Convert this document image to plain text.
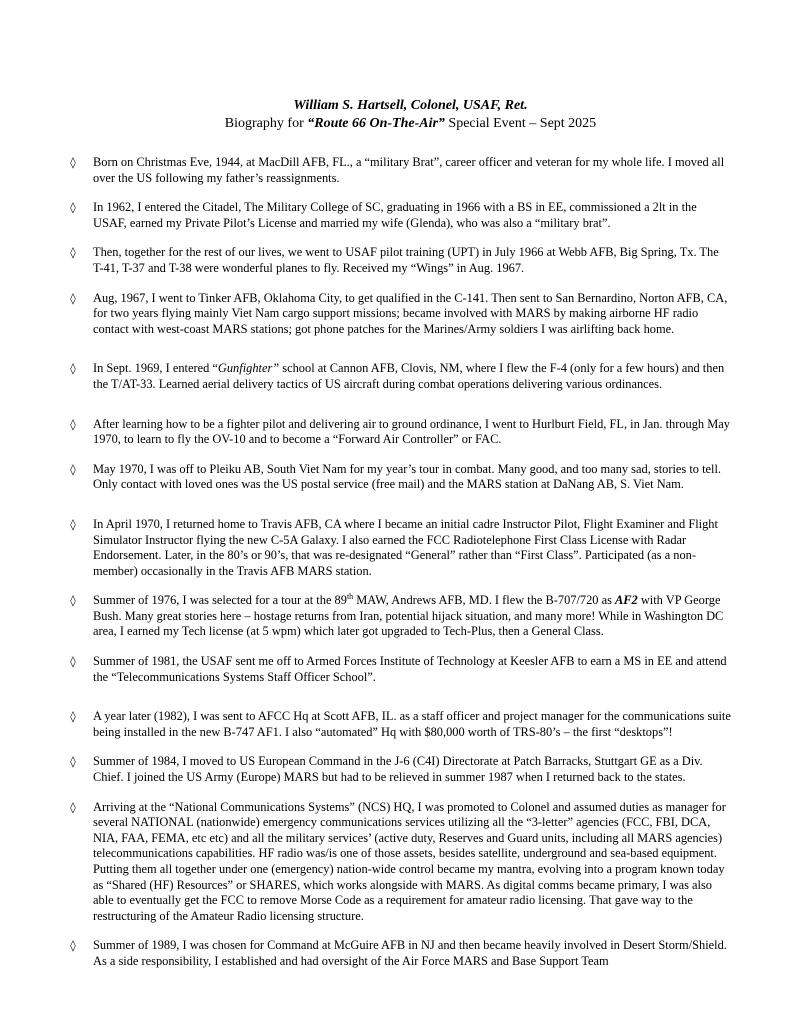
William S. Hartsell, Colonel, USAF, Ret.
Biography for “Route 66 On-The-Air” Special Event – Sept 2025
◊	Born on Christmas Eve, 1944, at MacDill AFB, FL., a “military Brat”, career officer and veteran for my whole life. I moved all over the US following my father’s reassignments.
◊	In 1962, I entered the Citadel, The Military College of SC, graduating in 1966 with a BS in EE, commissioned a 2lt in the USAF, earned my Private Pilot’s License and married my wife (Glenda), who was also a “military brat”.
◊	Then, together for the rest of our lives, we went to USAF pilot training (UPT) in July 1966 at Webb AFB, Big Spring, Tx. The T-41, T-37 and T-38 were wonderful planes to fly. Received my “Wings” in Aug. 1967.
◊	Aug, 1967, I went to Tinker AFB, Oklahoma City, to get qualified in the C-141. Then sent to San Bernardino, Norton AFB, CA, for two years flying mainly Viet Nam cargo support missions; became involved with MARS by making airborne HF radio contact with west-coast MARS stations; got phone patches for the Marines/Army soldiers I was airlifting back home.
◊	In Sept. 1969, I entered “Gunfighter” school at Cannon AFB, Clovis, NM, where I flew the F-4 (only for a few hours) and then the T/AT-33. Learned aerial delivery tactics of US aircraft during combat operations delivering various ordinances.
◊	After learning how to be a fighter pilot and delivering air to ground ordinance, I went to Hurlburt Field, FL, in Jan. through May 1970, to learn to fly the OV-10 and to become a “Forward Air Controller” or FAC.
◊	May 1970, I was off to Pleiku AB, South Viet Nam for my year’s tour in combat. Many good, and too many sad, stories to tell. Only contact with loved ones was the US postal service (free mail) and the MARS station at DaNang AB, S. Viet Nam.
◊	In April 1970, I returned home to Travis AFB, CA where I became an initial cadre Instructor Pilot, Flight Examiner and Flight Simulator Instructor flying the new C-5A Galaxy. I also earned the FCC Radiotelephone First Class License with Radar Endorsement. Later, in the 80’s or 90’s, that was re-designated “General” rather than “First Class”. Participated (as a non-member) occasionally in the Travis AFB MARS station.
◊	Summer of 1976, I was selected for a tour at the 89th MAW, Andrews AFB, MD. I flew the B-707/720 as AF2 with VP George Bush. Many great stories here – hostage returns from Iran, potential hijack situation, and many more! While in Washington DC area, I earned my Tech license (at 5 wpm) which later got upgraded to Tech-Plus, then a General Class.
◊	Summer of 1981, the USAF sent me off to Armed Forces Institute of Technology at Keesler AFB to earn a MS in EE and attend the “Telecommunications Systems Staff Officer School”.
◊	A year later (1982), I was sent to AFCC Hq at Scott AFB, IL. as a staff officer and project manager for the communications suite being installed in the new B-747 AF1. I also “automated” Hq with $80,000 worth of TRS-80’s – the first “desktops”!
◊	Summer of 1984, I moved to US European Command in the J-6 (C4I) Directorate at Patch Barracks, Stuttgart GE as a Div. Chief. I joined the US Army (Europe) MARS but had to be relieved in summer 1987 when I returned back to the states.
◊	Arriving at the “National Communications Systems” (NCS) HQ, I was promoted to Colonel and assumed duties as manager for several NATIONAL (nationwide) emergency communications services utilizing all the “3-letter” agencies (FCC, FBI, DCA, NIA, FAA, FEMA, etc etc) and all the military services’ (active duty, Reserves and Guard units, including all MARS agencies) telecommunications capabilities. HF radio was/is one of those assets, besides satellite, underground and sea-based equipment. Putting them all together under one (emergency) nation-wide control became my mantra, evolving into a program known today as “Shared (HF) Resources” or SHARES, which works alongside with MARS. As digital comms became primary, I was also able to eventually get the FCC to remove Morse Code as a requirement for amateur radio licensing. That gave way to the restructuring of the Amateur Radio licensing structure.
◊	Summer of 1989, I was chosen for Command at McGuire AFB in NJ and then became heavily involved in Desert Storm/Shield. As a side responsibility, I established and had oversight of the Air Force MARS and Base Support Team
